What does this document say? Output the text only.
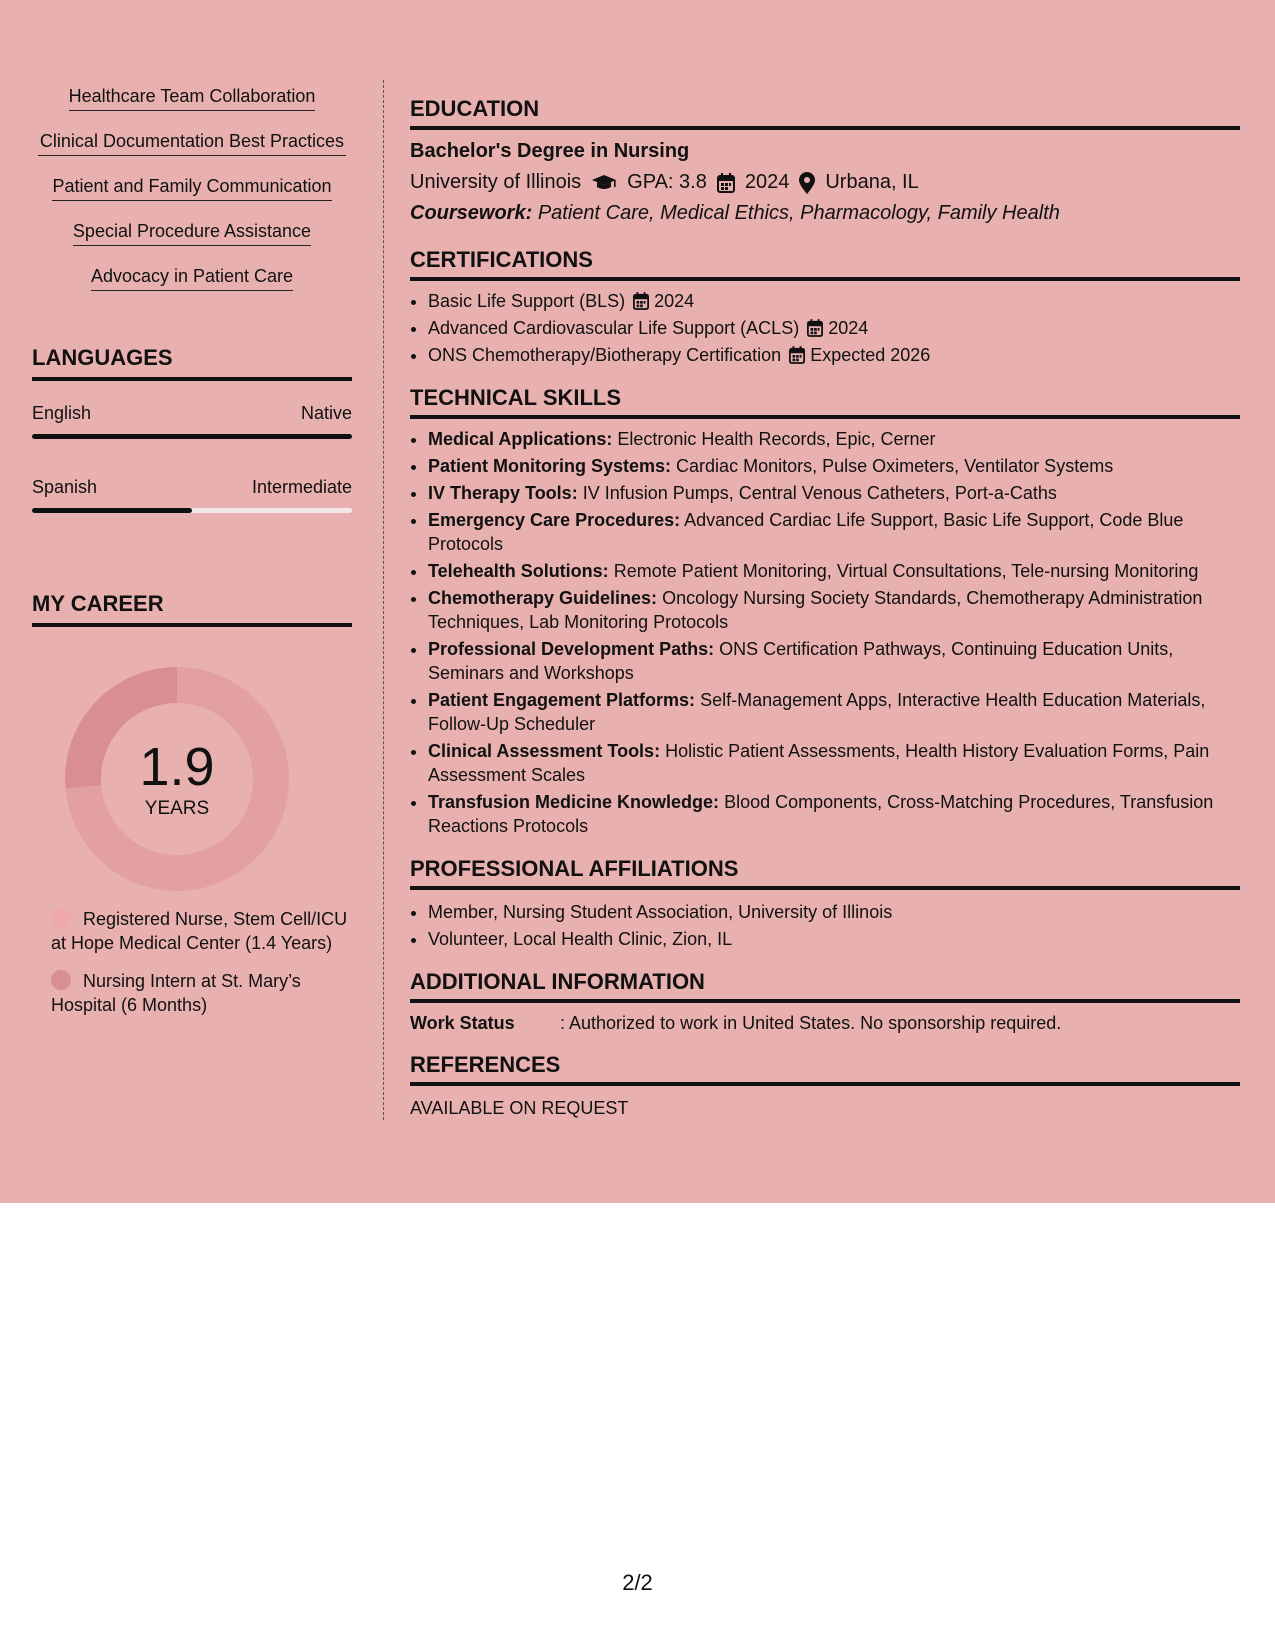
Healthcare Team Collaboration
Clinical Documentation Best Practices
Patient and Family Communication
Special Procedure Assistance
Advocacy in Patient Care
LANGUAGES
English	Native
Spanish	Intermediate
MY CAREER
1.9
YEARS
Registered Nurse, Stem Cell/ICU at Hope Medical Center (1.4 Years)
Nursing Intern at St. Mary’s Hospital (6 Months)
EDUCATION
Bachelor's Degree in Nursing
University of Illinois GPA: 3.8 2024 Urbana, IL
Coursework: Patient Care, Medical Ethics, Pharmacology, Family Health
CERTIFICATIONS
• Basic Life Support (BLS) 2024
• Advanced Cardiovascular Life Support (ACLS) 2024
• ONS Chemotherapy/Biotherapy Certification Expected 2026
TECHNICAL SKILLS
• Medical Applications: Electronic Health Records, Epic, Cerner
• Patient Monitoring Systems: Cardiac Monitors, Pulse Oximeters, Ventilator Systems
• IV Therapy Tools: IV Infusion Pumps, Central Venous Catheters, Port-a-Caths
• Emergency Care Procedures: Advanced Cardiac Life Support, Basic Life Support, Code Blue Protocols
• Telehealth Solutions: Remote Patient Monitoring, Virtual Consultations, Tele-nursing Monitoring
• Chemotherapy Guidelines: Oncology Nursing Society Standards, Chemotherapy Administration Techniques, Lab Monitoring Protocols
• Professional Development Paths: ONS Certification Pathways, Continuing Education Units, Seminars and Workshops
• Patient Engagement Platforms: Self-Management Apps, Interactive Health Education Materials, Follow-Up Scheduler
• Clinical Assessment Tools: Holistic Patient Assessments, Health History Evaluation Forms, Pain Assessment Scales
• Transfusion Medicine Knowledge: Blood Components, Cross-Matching Procedures, Transfusion Reactions Protocols
PROFESSIONAL AFFILIATIONS
• Member, Nursing Student Association, University of Illinois
• Volunteer, Local Health Clinic, Zion, IL
ADDITIONAL INFORMATION
Work Status	: Authorized to work in United States. No sponsorship required.
REFERENCES
AVAILABLE ON REQUEST
2/2
